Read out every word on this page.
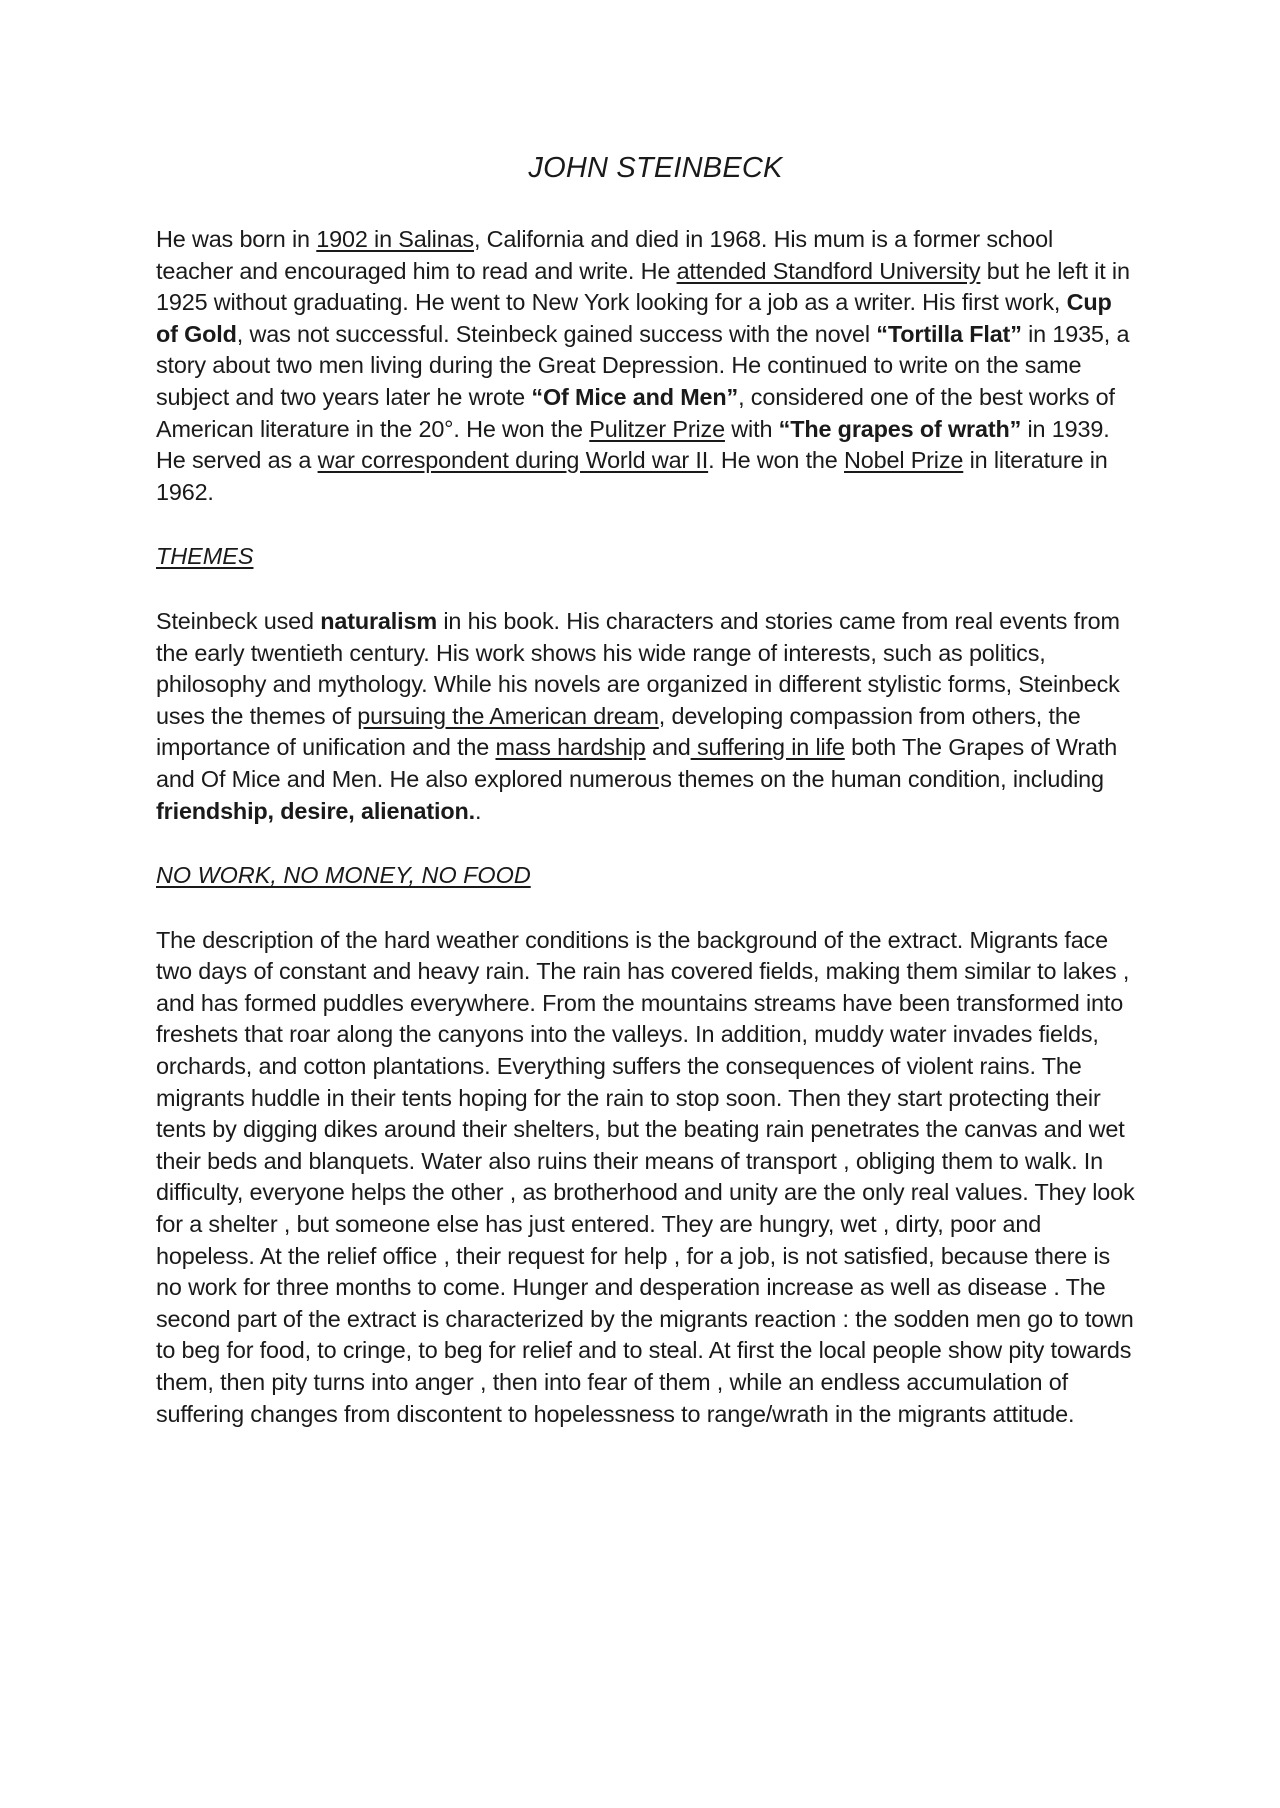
JOHN STEINBECK

He was born in 1902 in Salinas, California and died in 1968. His mum is a former school teacher and encouraged him to read and write. He attended Standford University but he left it in 1925 without graduating. He went to New York looking for a job as a writer. His first work, Cup of Gold, was not successful. Steinbeck gained success with the novel “Tortilla Flat” in 1935, a story about two men living during the Great Depression. He continued to write on the same subject and two years later he wrote “Of Mice and Men”, considered one of the best works of American literature in the 20°. He won the Pulitzer Prize with “The grapes of wrath” in 1939. He served as a war correspondent during World war II. He won the Nobel Prize in literature in 1962.

THEMES

Steinbeck used naturalism in his book. His characters and stories came from real events from the early twentieth century. His work shows his wide range of interests, such as politics, philosophy and mythology. While his novels are organized in different stylistic forms, Steinbeck uses the themes of pursuing the American dream, developing compassion from others, the importance of unification and the mass hardship and suffering in life both The Grapes of Wrath and Of Mice and Men. He also explored numerous themes on the human condition, including friendship, desire, alienation..

NO WORK, NO MONEY, NO FOOD

The description of the hard weather conditions is the background of the extract. Migrants face two days of constant and heavy rain. The rain has covered fields, making them similar to lakes , and has formed puddles everywhere. From the mountains streams have been transformed into freshets that roar along the canyons into the valleys. In addition, muddy water invades fields, orchards, and cotton plantations. Everything suffers the consequences of violent rains. The migrants huddle in their tents hoping for the rain to stop soon. Then they start protecting their tents by digging dikes around their shelters, but the beating rain penetrates the canvas and wet their beds and blanquets. Water also ruins their means of transport , obliging them to walk. In difficulty, everyone helps the other , as brotherhood and unity are the only real values. They look for a shelter , but someone else has just entered. They are hungry, wet , dirty, poor and hopeless. At the relief office , their request for help , for a job, is not satisfied, because there is no work for three months to come. Hunger and desperation increase as well as disease . The second part of the extract is characterized by the migrants reaction : the sodden men go to town to beg for food, to cringe, to beg for relief and to steal. At first the local people show pity towards them, then pity turns into anger , then into fear of them , while an endless accumulation of suffering changes from discontent to hopelessness to range/wrath in the migrants attitude.
